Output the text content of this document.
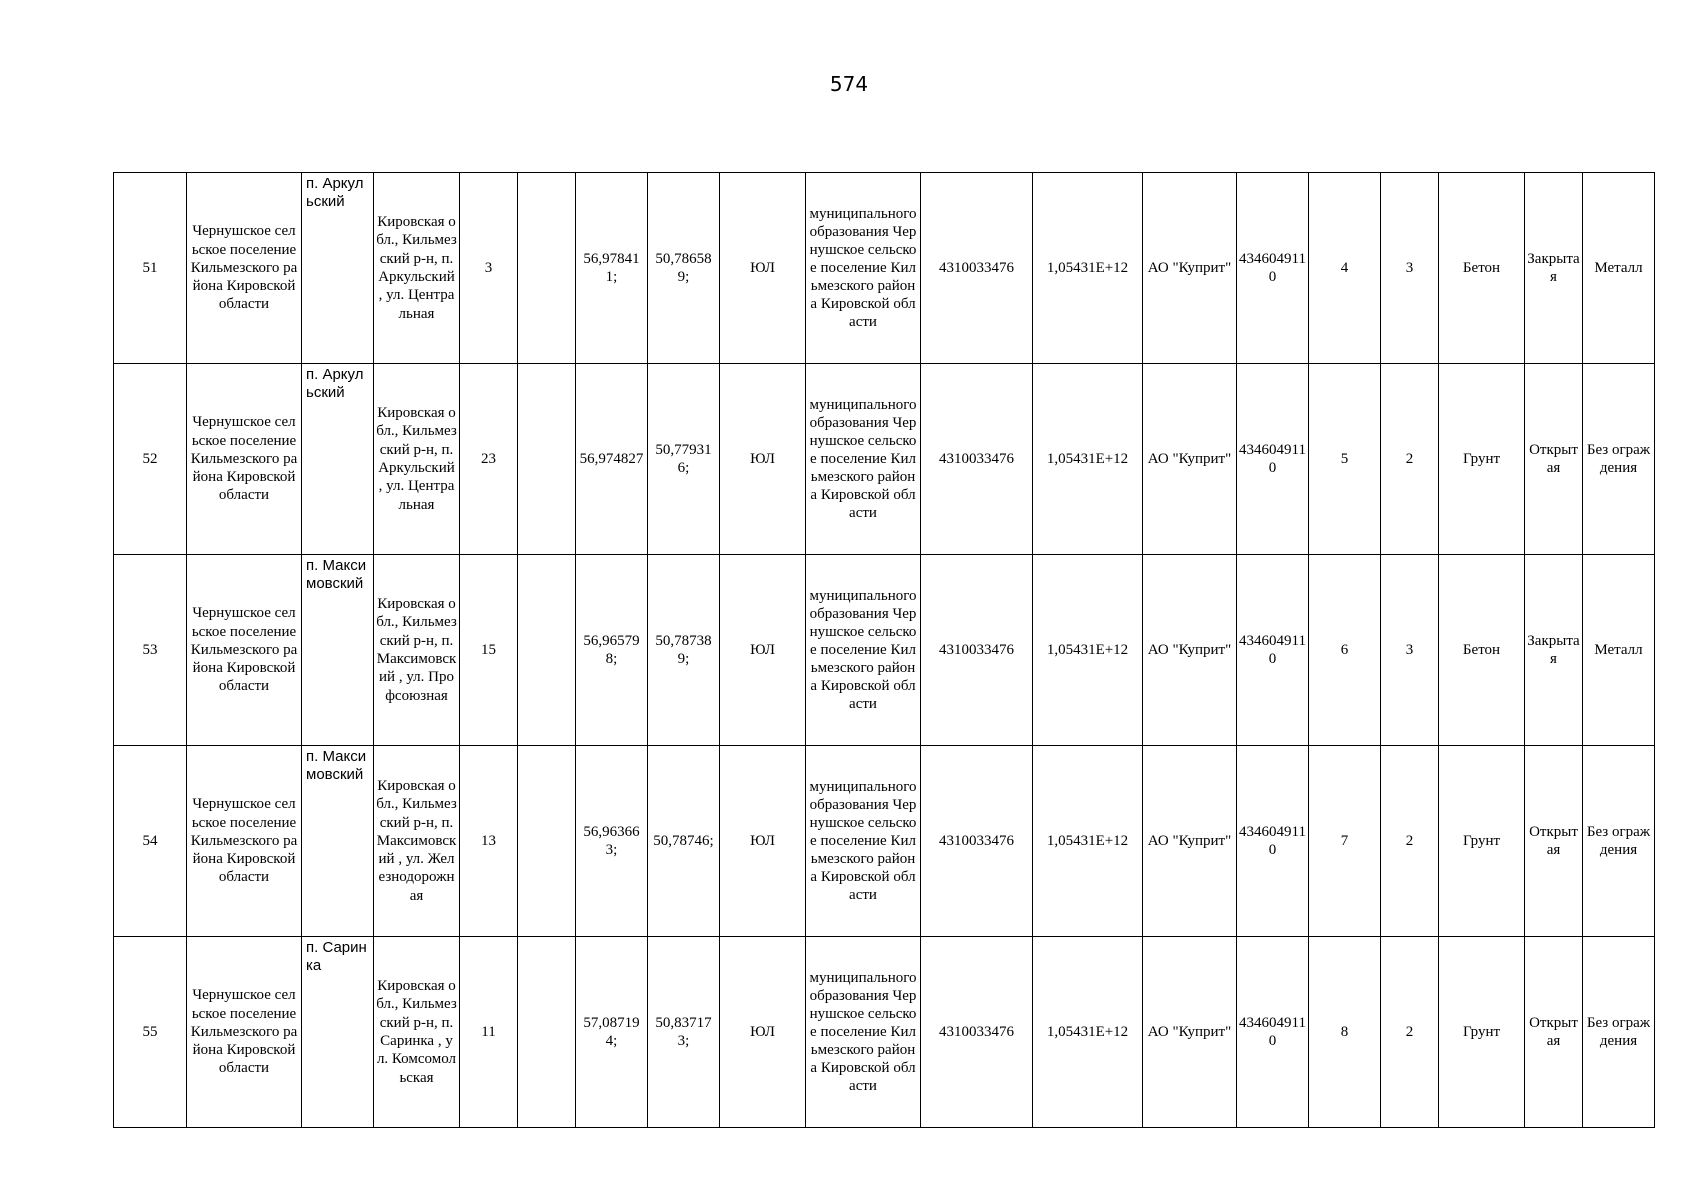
574
51	Чернушское сельское поселение Кильмезского района Кировской области	п. Аркульский	Кировская обл., Кильмезский р-н, п.Аркульский , ул. Центральная	3		56,978411;	50,786589;	ЮЛ	муниципального образования Чернушское сельское поселение Кильмезского района Кировской области	4310033476	1,05431E+12	АО "Куприт"	4346049110	4	3	Бетон	Закрытая	Металл
52	Чернушское сельское поселение Кильмезского района Кировской области	п. Аркульский	Кировская обл., Кильмезский р-н, п.Аркульский , ул. Центральная	23		56,974827	50,779316;	ЮЛ	муниципального образования Чернушское сельское поселение Кильмезского района Кировской области	4310033476	1,05431E+12	АО "Куприт"	4346049110	5	2	Грунт	Открытая	Без ограждения
53	Чернушское сельское поселение Кильмезского района Кировской области	п. Максимовский	Кировская обл., Кильмезский р-н, п.Максимовский , ул. Профсоюзная	15		56,965798;	50,787389;	ЮЛ	муниципального образования Чернушское сельское поселение Кильмезского района Кировской области	4310033476	1,05431E+12	АО "Куприт"	4346049110	6	3	Бетон	Закрытая	Металл
54	Чернушское сельское поселение Кильмезского района Кировской области	п. Максимовский	Кировская обл., Кильмезский р-н, п.Максимовский , ул. Железнодорожная	13		56,963663;	50,78746;	ЮЛ	муниципального образования Чернушское сельское поселение Кильмезского района Кировской области	4310033476	1,05431E+12	АО "Куприт"	4346049110	7	2	Грунт	Открытая	Без ограждения
55	Чернушское сельское поселение Кильмезского района Кировской области	п. Саринка	Кировская обл., Кильмезский р-н, п.Саринка , ул. Комсомольская	11		57,087194;	50,837173;	ЮЛ	муниципального образования Чернушское сельское поселение Кильмезского района Кировской области	4310033476	1,05431E+12	АО "Куприт"	4346049110	8	2	Грунт	Открытая	Без ограждения
